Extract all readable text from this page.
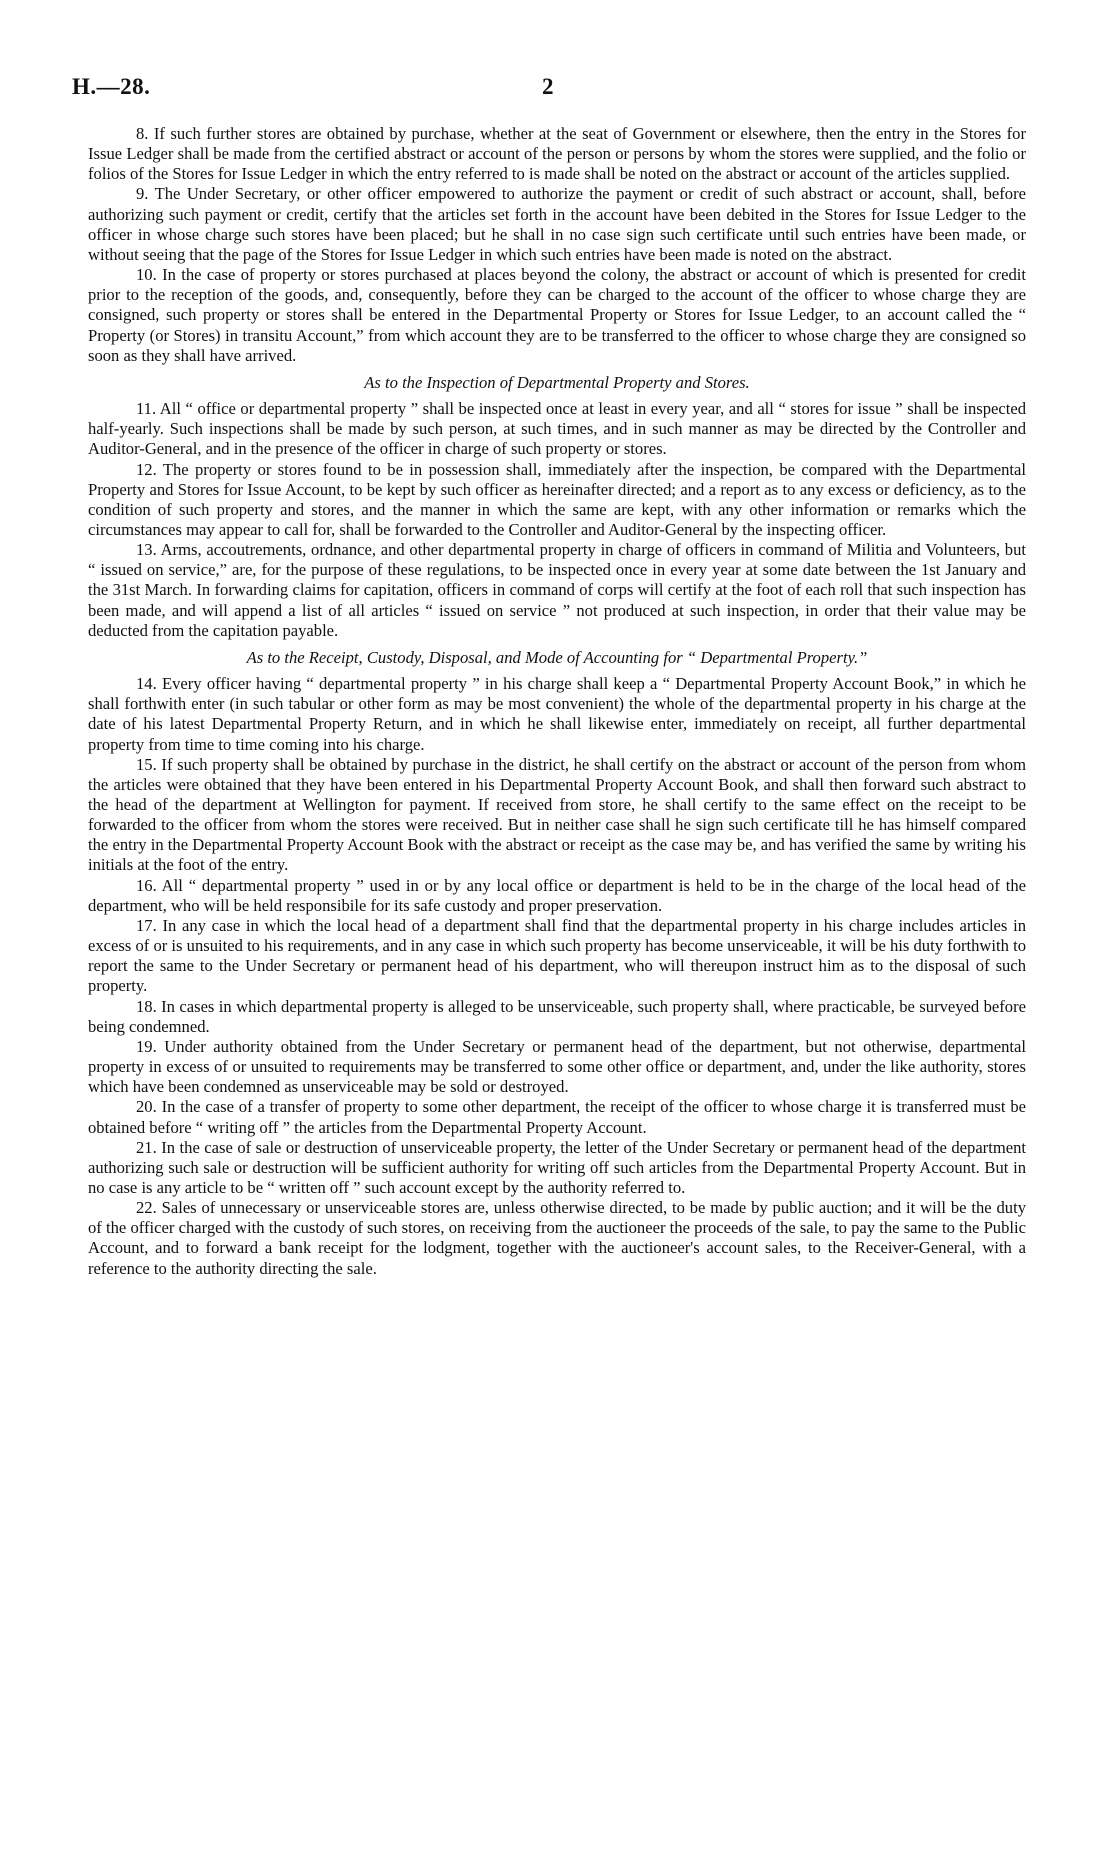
H.—28.	2

8. If such further stores are obtained by purchase, whether at the seat of Government or elsewhere, then the entry in the Stores for Issue Ledger shall be made from the certified abstract or account of the person or persons by whom the stores were supplied, and the folio or folios of the Stores for Issue Ledger in which the entry referred to is made shall be noted on the abstract or account of the articles supplied.

9. The Under Secretary, or other officer empowered to authorize the payment or credit of such abstract or account, shall, before authorizing such payment or credit, certify that the articles set forth in the account have been debited in the Stores for Issue Ledger to the officer in whose charge such stores have been placed; but he shall in no case sign such certificate until such entries have been made, or without seeing that the page of the Stores for Issue Ledger in which such entries have been made is noted on the abstract.

10. In the case of property or stores purchased at places beyond the colony, the abstract or account of which is presented for credit prior to the reception of the goods, and, consequently, before they can be charged to the account of the officer to whose charge they are consigned, such property or stores shall be entered in the Departmental Property or Stores for Issue Ledger, to an account called the “ Property (or Stores) in transitu Account,” from which account they are to be transferred to the officer to whose charge they are consigned so soon as they shall have arrived.

As to the Inspection of Departmental Property and Stores.

11. All “ office or departmental property ” shall be inspected once at least in every year, and all “ stores for issue ” shall be inspected half-yearly. Such inspections shall be made by such person, at such times, and in such manner as may be directed by the Controller and Auditor-General, and in the presence of the officer in charge of such property or stores.

12. The property or stores found to be in possession shall, immediately after the inspection, be compared with the Departmental Property and Stores for Issue Account, to be kept by such officer as hereinafter directed; and a report as to any excess or deficiency, as to the condition of such property and stores, and the manner in which the same are kept, with any other information or remarks which the circumstances may appear to call for, shall be forwarded to the Controller and Auditor-General by the inspecting officer.

13. Arms, accoutrements, ordnance, and other departmental property in charge of officers in command of Militia and Volunteers, but “ issued on service,” are, for the purpose of these regulations, to be inspected once in every year at some date between the 1st January and the 31st March. In forwarding claims for capitation, officers in command of corps will certify at the foot of each roll that such inspection has been made, and will append a list of all articles “ issued on service ” not produced at such inspection, in order that their value may be deducted from the capitation payable.

As to the Receipt, Custody, Disposal, and Mode of Accounting for “ Departmental Property.”

14. Every officer having “ departmental property ” in his charge shall keep a “ Departmental Property Account Book,” in which he shall forthwith enter (in such tabular or other form as may be most convenient) the whole of the departmental property in his charge at the date of his latest Departmental Property Return, and in which he shall likewise enter, immediately on receipt, all further departmental property from time to time coming into his charge.

15. If such property shall be obtained by purchase in the district, he shall certify on the abstract or account of the person from whom the articles were obtained that they have been entered in his Departmental Property Account Book, and shall then forward such abstract to the head of the department at Wellington for payment. If received from store, he shall certify to the same effect on the receipt to be forwarded to the officer from whom the stores were received. But in neither case shall he sign such certificate till he has himself compared the entry in the Departmental Property Account Book with the abstract or receipt as the case may be, and has verified the same by writing his initials at the foot of the entry.

16. All “ departmental property ” used in or by any local office or department is held to be in the charge of the local head of the department, who will be held responsibile for its safe custody and proper preservation.

17. In any case in which the local head of a department shall find that the departmental property in his charge includes articles in excess of or is unsuited to his requirements, and in any case in which such property has become unserviceable, it will be his duty forthwith to report the same to the Under Secretary or permanent head of his department, who will thereupon instruct him as to the disposal of such property.

18. In cases in which departmental property is alleged to be unserviceable, such property shall, where practicable, be surveyed before being condemned.

19. Under authority obtained from the Under Secretary or permanent head of the department, but not otherwise, departmental property in excess of or unsuited to requirements may be transferred to some other office or department, and, under the like authority, stores which have been condemned as unserviceable may be sold or destroyed.

20. In the case of a transfer of property to some other department, the receipt of the officer to whose charge it is transferred must be obtained before “ writing off ” the articles from the Departmental Property Account.

21. In the case of sale or destruction of unserviceable property, the letter of the Under Secretary or permanent head of the department authorizing such sale or destruction will be sufficient authority for writing off such articles from the Departmental Property Account. But in no case is any article to be “ written off ” such account except by the authority referred to.

22. Sales of unnecessary or unserviceable stores are, unless otherwise directed, to be made by public auction; and it will be the duty of the officer charged with the custody of such stores, on receiving from the auctioneer the proceeds of the sale, to pay the same to the Public Account, and to forward a bank receipt for the lodgment, together with the auctioneer's account sales, to the Receiver-General, with a reference to the authority directing the sale.
